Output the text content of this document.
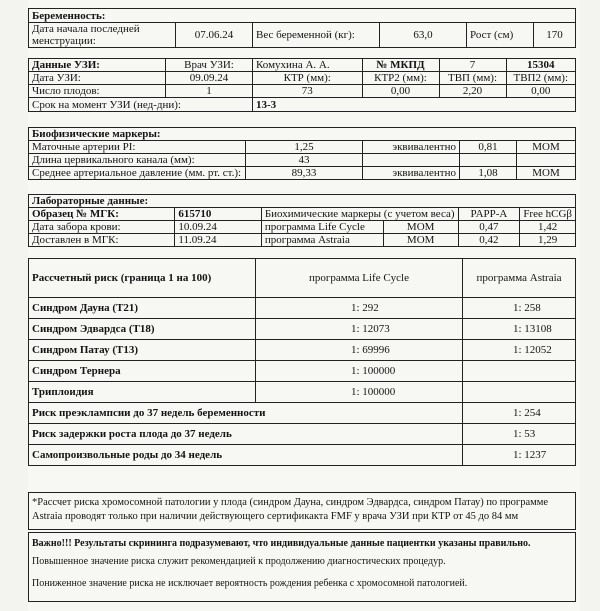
Беременность:
Дата начала последней менструации:	07.06.24	Вес беременной (кг):	63,0	Рост (см)	170
Данные УЗИ:	Врач УЗИ:	Комухина А. А.	№ МКПД	7	15304
Дата УЗИ:	09.09.24	КТР (мм):	КТР2 (мм):	ТВП (мм):	ТВП2 (мм):
Число плодов:	1	73	0,00	2,20	0,00
Срок на момент УЗИ (нед-дни):		13-3			
Биофизические маркеры:				
Маточные артерии PI:	1,25	эквивалентно	0,81	MOM
Длина цервикального канала (мм):	43			
Среднее артериальное давление (мм. рт. ст.):	89,33	эквивалентно	1,08	MOM
Лабораторные данные:					
Образец № МГК:	615710	Биохимические маркеры (с учетом веса)		PAPP-A	Free hCGβ
Дата забора крови:	10.09.24	программа Life Cycle	MOM	0,47	1,42
Доставлен в МГК:	11.09.24	программа Astraia	MOM	0,42	1,29
Рассчетный риск (граница 1 на 100)	программа Life Cycle	программа Astraia
Синдром Дауна (T21)	1: 292	1: 258
Синдром Эдвардса (T18)	1: 12073	1: 13108
Синдром Патау (T13)	1: 69996	1: 12052
Синдром Тернера	1: 100000	
Триплоидия	1: 100000	
Риск преэклампсии до 37 недель беременности		1: 254
Риск задержки роста плода до 37 недель		1: 53
Самопроизвольные роды до 34 недель		1: 1237
*Рассчет риска хромосомной патологии у плода (синдром Дауна, синдром Эдвардса, синдром Патау) по программе Astraia проводят только при наличии действующего сертификакта FMF у врача УЗИ при КТР от 45 до 84 мм
Важно!!! Результаты скрининга подразумевают, что индивидуальные данные пациентки указаны правильно.
Повышенное значение риска служит рекомендацией к продолжению диагностических процедур.
Пониженное значение риска не исключает вероятность рождения ребенка с хромосомной патологией.
